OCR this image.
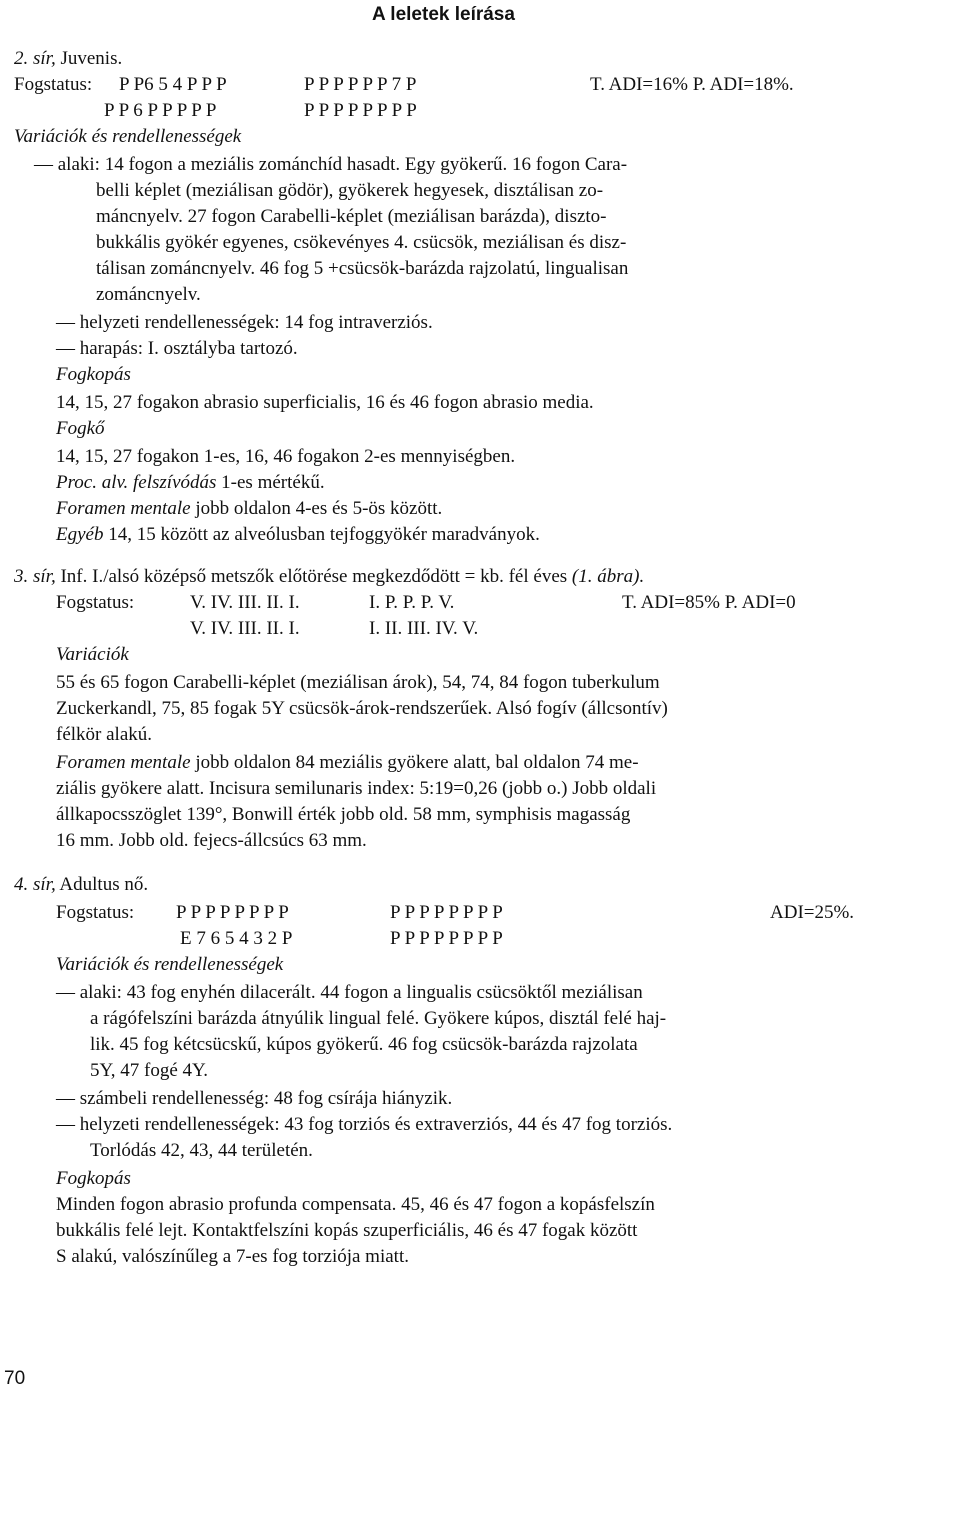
A leletek leírása
2. sír, Juvenis.
Fogstatus: P P6 5 4 P P P	P P P P P P 7 P	T. ADI=16% P. ADI=18%.
P P 6 P P P P P	P P P P P P P P
Variációk és rendellenességek
— alaki: 14 fogon a meziális zománchíd hasadt. Egy gyökerű. 16 fogon Cara-
belli képlet (meziálisan gödör), gyökerek hegyesek, disztálisan zo-
máncnyelv. 27 fogon Carabelli-képlet (meziálisan barázda), diszto-
bukkális gyökér egyenes, csökevényes 4. csücsök, meziálisan és disz-
tálisan zománcnyelv. 46 fog 5 +csücsök-barázda rajzolatú, lingualisan
zománcnyelv.
— helyzeti rendellenességek: 14 fog intraverziós.
— harapás: I. osztályba tartozó.
Fogkopás
14, 15, 27 fogakon abrasio superficialis, 16 és 46 fogon abrasio media.
Fogkő
14, 15, 27 fogakon 1-es, 16, 46 fogakon 2-es mennyiségben.
Proc. alv. felszívódás 1-es mértékű.
Foramen mentale jobb oldalon 4-es és 5-ös között.
Egyéb 14, 15 között az alveólusban tejfoggyökér maradványok.
3. sír, Inf. I./alsó középső metszők előtörése megkezdődött = kb. fél éves (1. ábra).
Fogstatus:	V. IV. III. II. I.	I. P. P. P. V.	T. ADI=85% P. ADI=0
V. IV. III. II. I.	I. II. III. IV. V.
Variációk
55 és 65 fogon Carabelli-képlet (meziálisan árok), 54, 74, 84 fogon tuberkulum
Zuckerkandl, 75, 85 fogak 5Y csücsök-árok-rendszerűek. Alsó fogív (állcsontív)
félkör alakú.
Foramen mentale jobb oldalon 84 meziális gyökere alatt, bal oldalon 74 me-
ziális gyökere alatt. Incisura semilunaris index: 5:19=0,26 (jobb o.) Jobb oldali
állkapocsszöglet 139°, Bonwill érték jobb old. 58 mm, symphisis magasság
16 mm. Jobb old. fejecs-állcsúcs 63 mm.
4. sír, Adultus nő.
Fogstatus: P P P P P P P P	P P P P P P P P	ADI=25%.
E 7 6 5 4 3 2 P	P P P P P P P P
Variációk és rendellenességek
— alaki: 43 fog enyhén dilacerált. 44 fogon a lingualis csücsöktől meziálisan
a rágófelszíni barázda átnyúlik lingual felé. Gyökere kúpos, disztál felé haj-
lik. 45 fog kétcsücskű, kúpos gyökerű. 46 fog csücsök-barázda rajzolata
5Y, 47 fogé 4Y.
— számbeli rendellenesség: 48 fog csírája hiányzik.
— helyzeti rendellenességek: 43 fog torziós és extraverziós, 44 és 47 fog torziós.
Torlódás 42, 43, 44 területén.
Fogkopás
Minden fogon abrasio profunda compensata. 45, 46 és 47 fogon a kopásfelszín
bukkális felé lejt. Kontaktfelszíni kopás szuperficiális, 46 és 47 fogak között
S alakú, valószínűleg a 7-es fog torziója miatt.
70
